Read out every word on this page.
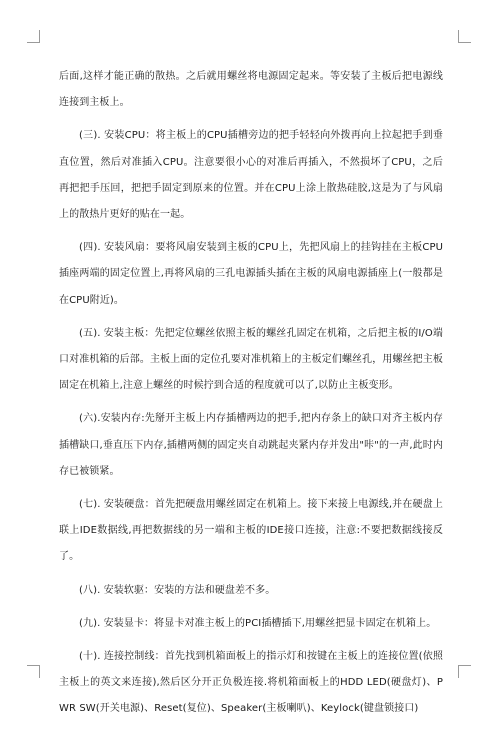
后面,这样才能正确的散热。之后就用螺丝将电源固定起来。等安装了主板后把电源线连接到主板上。

(三). 安装CPU：将主板上的CPU插槽旁边的把手轻轻向外拨再向上拉起把手到垂直位置，然后对准插入CPU。注意要很小心的对准后再插入，不然损坏了CPU，之后再把把手压回，把把手固定到原来的位置。并在CPU上涂上散热硅胶,这是为了与风扇上的散热片更好的贴在一起。

(四). 安装风扇：要将风扇安装到主板的CPU上，先把风扇上的挂钩挂在主板CPU插座两端的固定位置上,再将风扇的三孔电源插头插在主板的风扇电源插座上(一般都是在CPU附近)。

(五). 安装主板：先把定位螺丝依照主板的螺丝孔固定在机箱，之后把主板的I/O端口对准机箱的后部。主板上面的定位孔要对准机箱上的主板定们螺丝孔，用螺丝把主板固定在机箱上,注意上螺丝的时候拧到合适的程度就可以了,以防止主板变形。

(六).安装内存:先掰开主板上内存插槽两边的把手,把内存条上的缺口对齐主板内存插槽缺口,垂直压下内存,插槽两侧的固定夹自动跳起夹紧内存并发出"咔"的一声,此时内存已被锁紧。

(七). 安装硬盘：首先把硬盘用螺丝固定在机箱上。接下来接上电源线,并在硬盘上联上IDE数据线,再把数据线的另一端和主板的IDE接口连接，注意:不要把数据线接反了。

(八). 安装软驱：安装的方法和硬盘差不多。

(九). 安装显卡：将显卡对准主板上的PCI插槽插下,用螺丝把显卡固定在机箱上。

(十). 连接控制线：首先找到机箱面板上的指示灯和按键在主板上的连接位置(依照主板上的英文来连接),然后区分开正负极连接.将机箱面板上的HDD LED(硬盘灯)、PWR SW(开关电源)、Reset(复位)、Speaker(主板喇叭)、Keylock(键盘锁接口)
